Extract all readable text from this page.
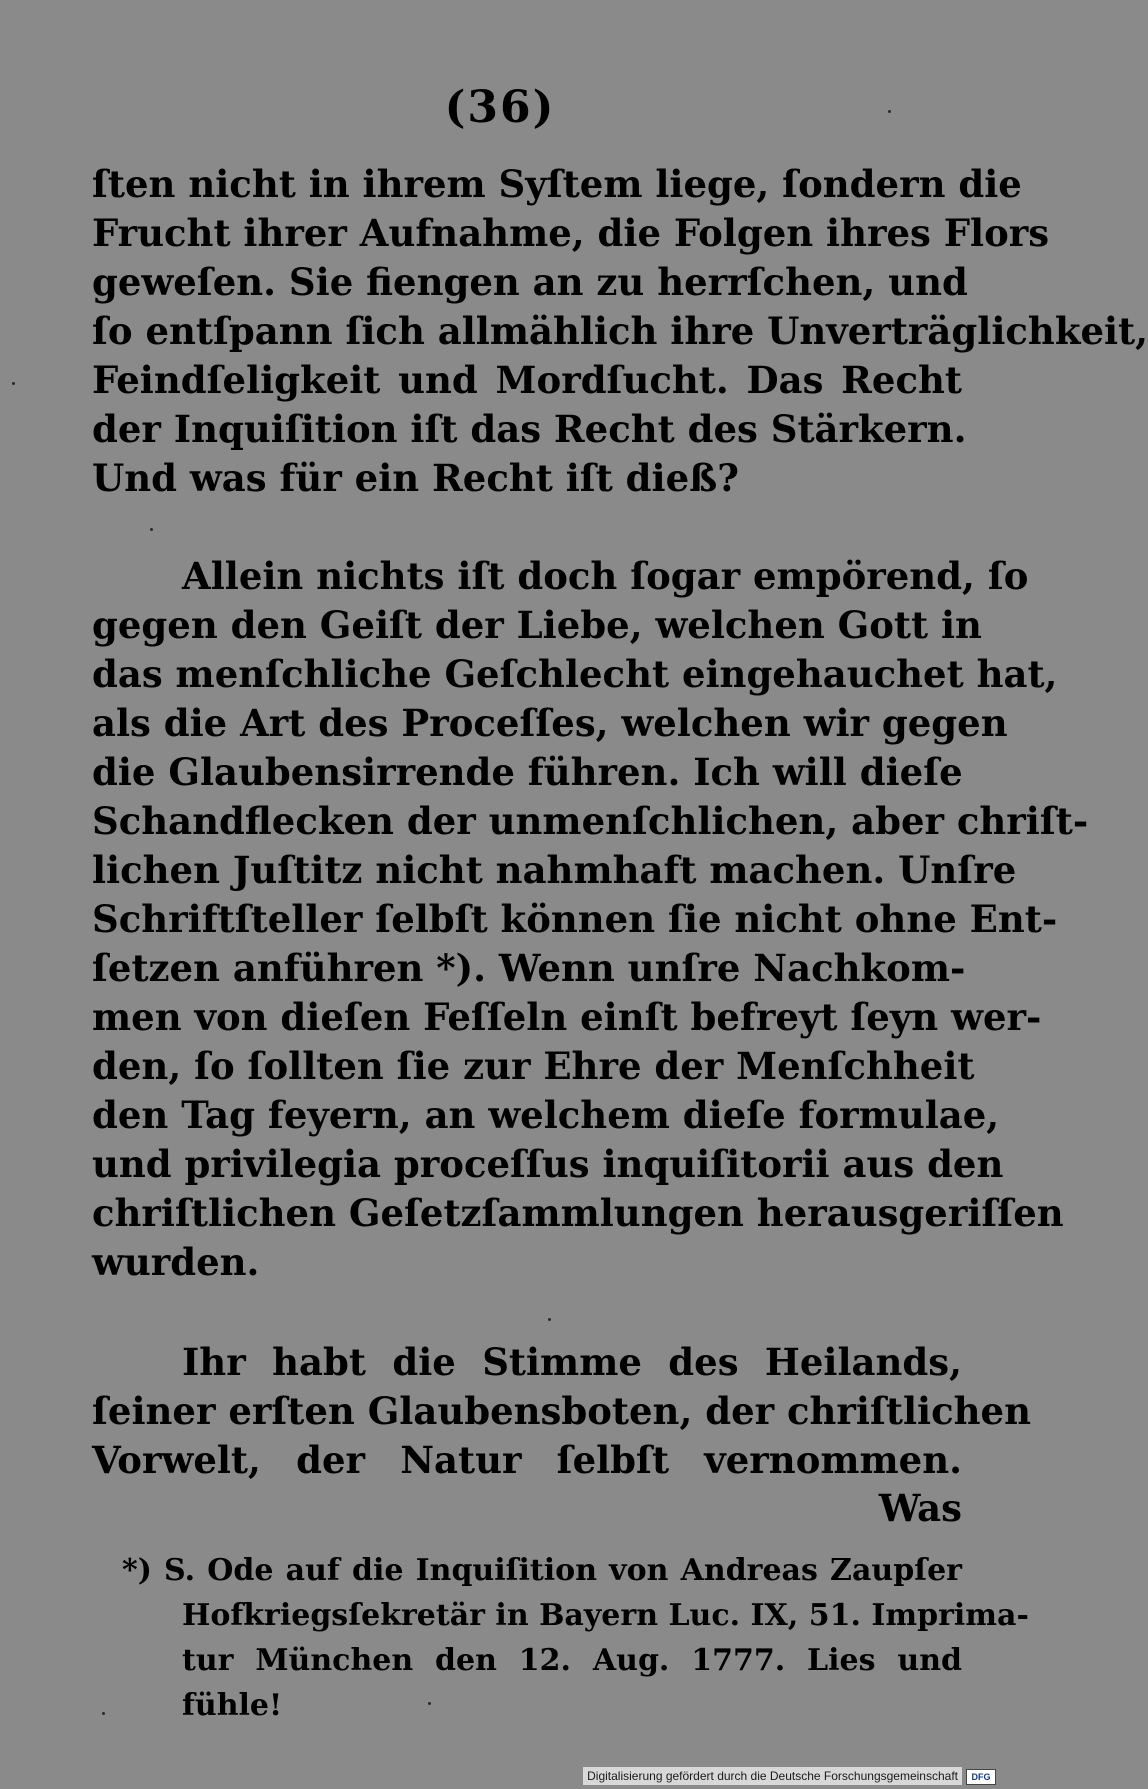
(36)
ſten nicht in ihrem Syſtem liege, ſondern die
Frucht ihrer Aufnahme, die Folgen ihres Flors
geweſen. Sie fiengen an zu herrſchen, und
ſo entſpann ſich allmählich ihre Unverträglichkeit,
Feindſeligkeit und Mordſucht. Das Recht
der Inquiſition iſt das Recht des Stärkern.
Und was für ein Recht iſt dieß?
Allein nichts iſt doch ſogar empörend, ſo
gegen den Geiſt der Liebe, welchen Gott in
das menſchliche Geſchlecht eingehauchet hat,
als die Art des Proceſſes, welchen wir gegen
die Glaubensirrende führen. Ich will dieſe
Schandflecken der unmenſchlichen, aber chriſt-
lichen Juſtitz nicht nahmhaft machen. Unſre
Schriftſteller ſelbſt können ſie nicht ohne Ent-
ſetzen anführen *). Wenn unſre Nachkom-
men von dieſen Feſſeln einſt befreyt ſeyn wer-
den, ſo ſollten ſie zur Ehre der Menſchheit
den Tag feyern, an welchem dieſe formulae,
und privilegia proceſſus inquiſitorii aus den
chriſtlichen Geſetzſammlungen herausgeriſſen
wurden.
Ihr habt die Stimme des Heilands,
ſeiner erſten Glaubensboten, der chriſtlichen
Vorwelt, der Natur ſelbſt vernommen.
Was
*) S. Ode auf die Inquiſition von Andreas Zaupſer
Hofkriegsſekretär in Bayern Luc. IX, 51. Imprima-
tur München den 12. Aug. 1777. Lies und
fühle!
Digitalisierung gefördert durch die Deutsche Forschungsgemeinschaft	DFG
